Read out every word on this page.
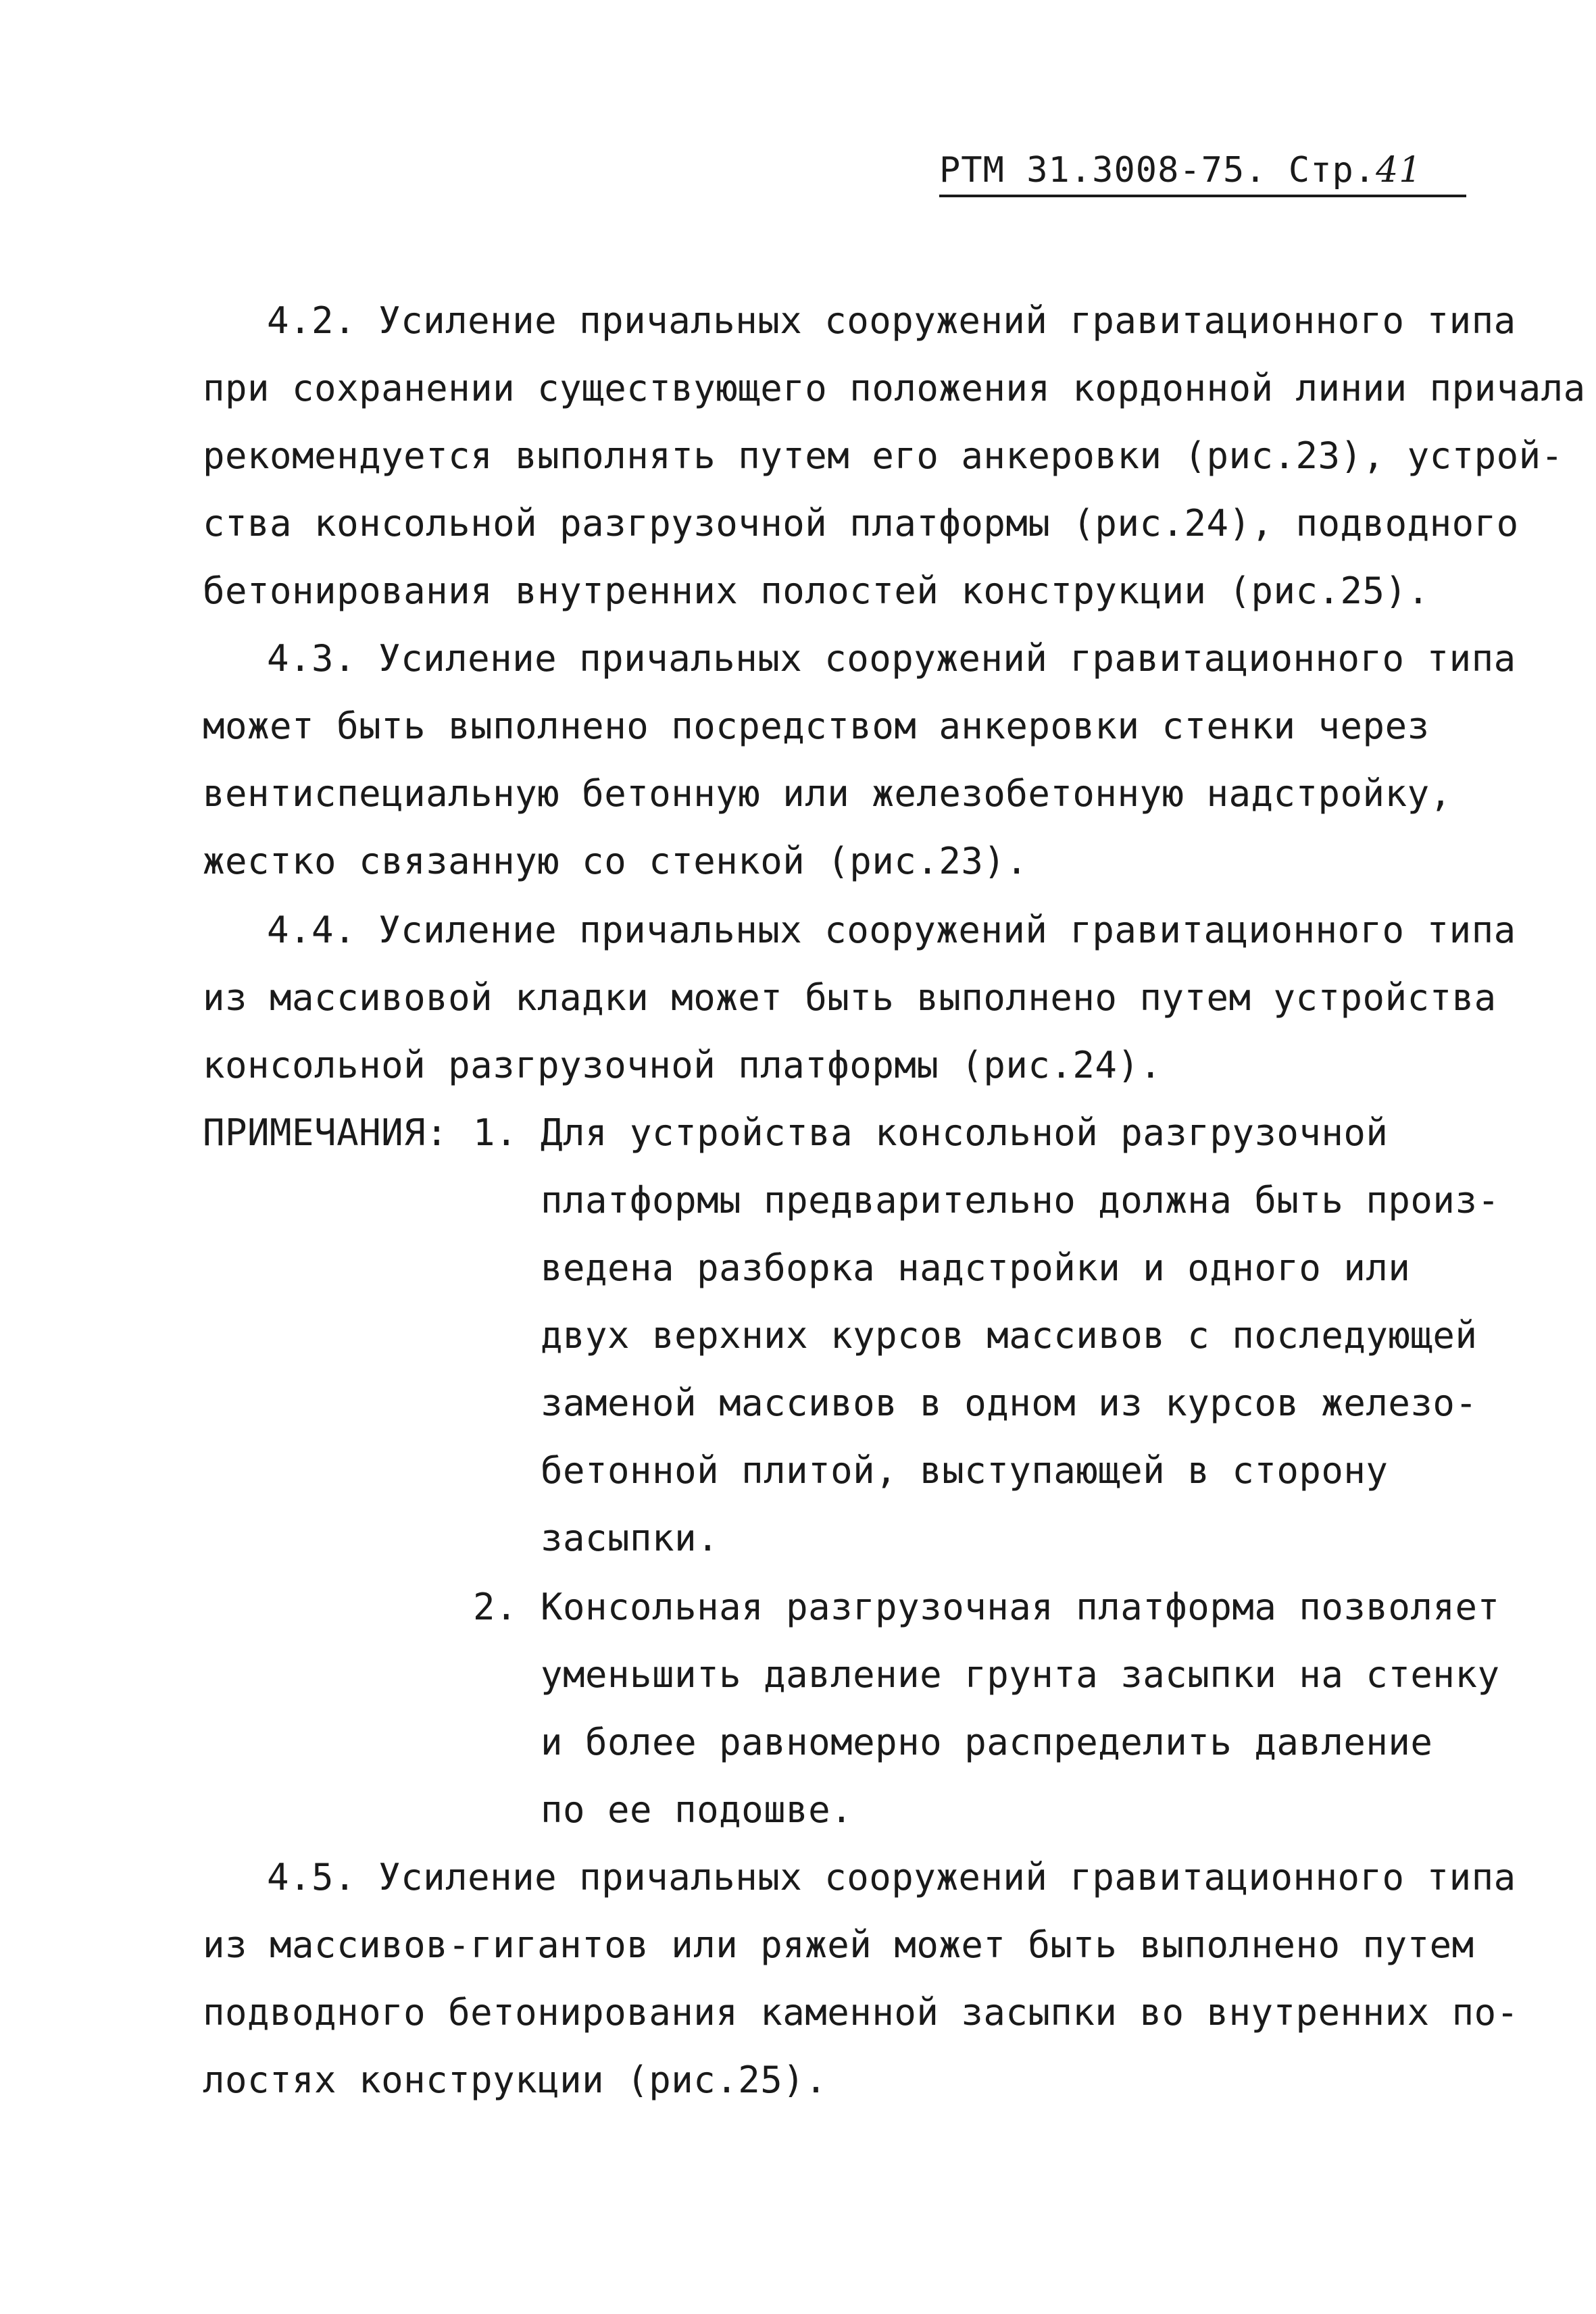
РТМ 31.3008-75. Стр.41
4.2. Усиление причальных сооружений гравитационного типа
при сохранении существующего положения кордонной линии причала
рекомендуется выполнять путем его анкеровки (рис.23), устрой-
ства консольной разгрузочной платформы (рис.24), подводного
бетонирования внутренних полостей конструкции (рис.25).
4.3. Усиление причальных сооружений гравитационного типа
может быть выполнено посредством анкеровки стенки через
вентиспециальную бетонную или железобетонную надстройку,
жестко связанную со стенкой (рис.23).
4.4. Усиление причальных сооружений гравитационного типа
из массивовой кладки может быть выполнено путем устройства
консольной разгрузочной платформы (рис.24).
ПРИМЕЧАНИЯ: 1. Для устройства консольной разгрузочной
платформы предварительно должна быть произ-
ведена разборка надстройки и одного или
двух верхних курсов массивов с последующей
заменой массивов в одном из курсов железо-
бетонной плитой, выступающей в сторону
засыпки.
2. Консольная разгрузочная платформа позволяет
уменьшить давление грунта засыпки на стенку
и более равномерно распределить давление
по ее подошве.
4.5. Усиление причальных сооружений гравитационного типа
из массивов-гигантов или ряжей может быть выполнено путем
подводного бетонирования каменной засыпки во внутренних по-
лостях конструкции (рис.25).
